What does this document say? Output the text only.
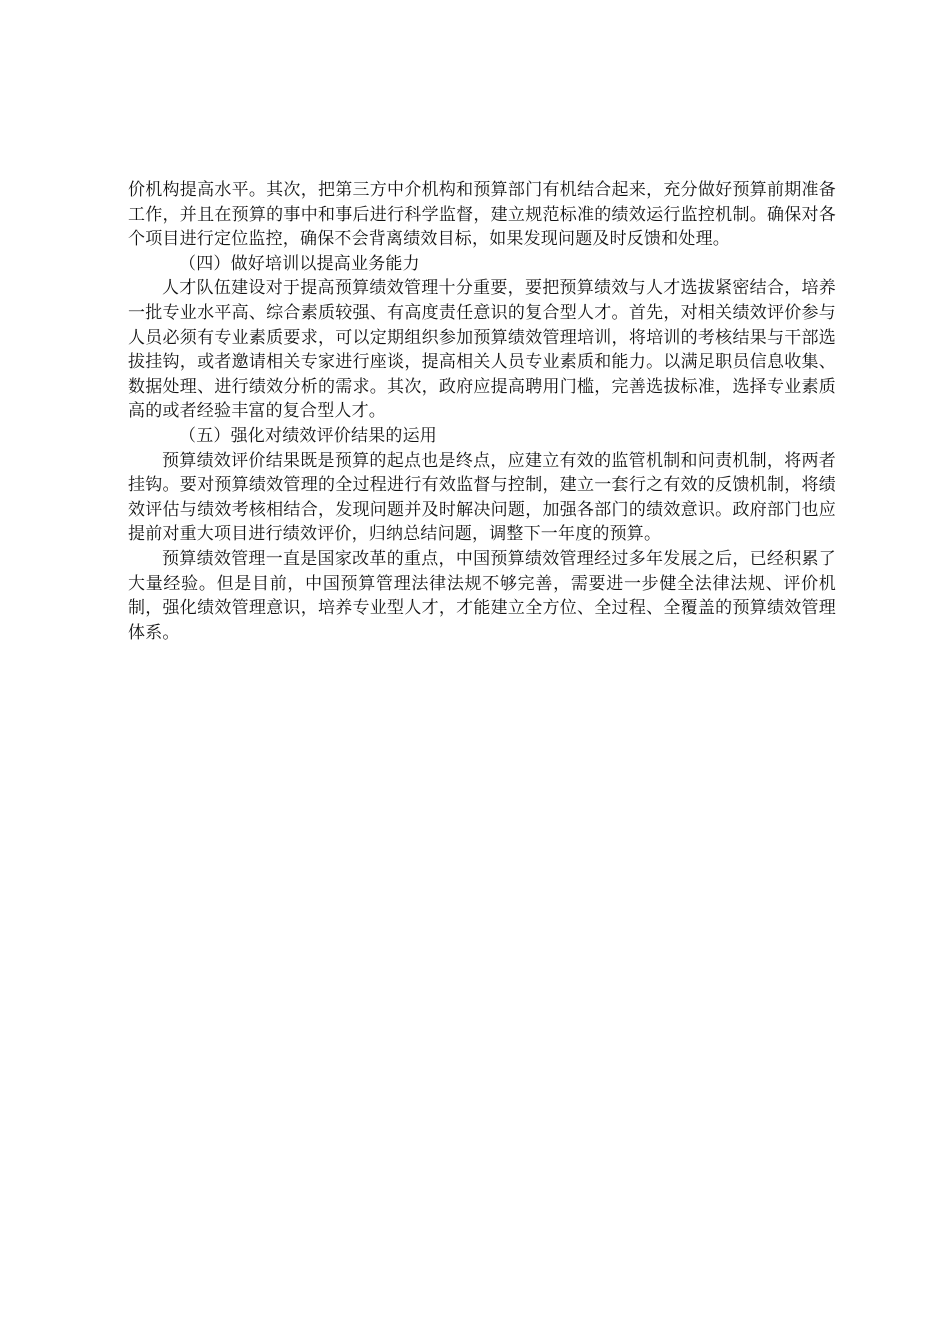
价机构提高水平。其次，把第三方中介机构和预算部门有机结合起来，充分做好预算前期准备工作，并且在预算的事中和事后进行科学监督，建立规范标准的绩效运行监控机制。确保对各个项目进行定位监控，确保不会背离绩效目标，如果发现问题及时反馈和处理。

（四）做好培训以提高业务能力

人才队伍建设对于提高预算绩效管理十分重要，要把预算绩效与人才选拔紧密结合，培养一批专业水平高、综合素质较强、有高度责任意识的复合型人才。首先，对相关绩效评价参与人员必须有专业素质要求，可以定期组织参加预算绩效管理培训，将培训的考核结果与干部选拔挂钩，或者邀请相关专家进行座谈，提高相关人员专业素质和能力。以满足职员信息收集、数据处理、进行绩效分析的需求。其次，政府应提高聘用门槛，完善选拔标准，选择专业素质高的或者经验丰富的复合型人才。

（五）强化对绩效评价结果的运用

预算绩效评价结果既是预算的起点也是终点，应建立有效的监管机制和问责机制，将两者挂钩。要对预算绩效管理的全过程进行有效监督与控制，建立一套行之有效的反馈机制，将绩效评估与绩效考核相结合，发现问题并及时解决问题，加强各部门的绩效意识。政府部门也应提前对重大项目进行绩效评价，归纳总结问题，调整下一年度的预算。

预算绩效管理一直是国家改革的重点，中国预算绩效管理经过多年发展之后，已经积累了大量经验。但是目前，中国预算管理法律法规不够完善，需要进一步健全法律法规、评价机制，强化绩效管理意识，培养专业型人才，才能建立全方位、全过程、全覆盖的预算绩效管理体系。
